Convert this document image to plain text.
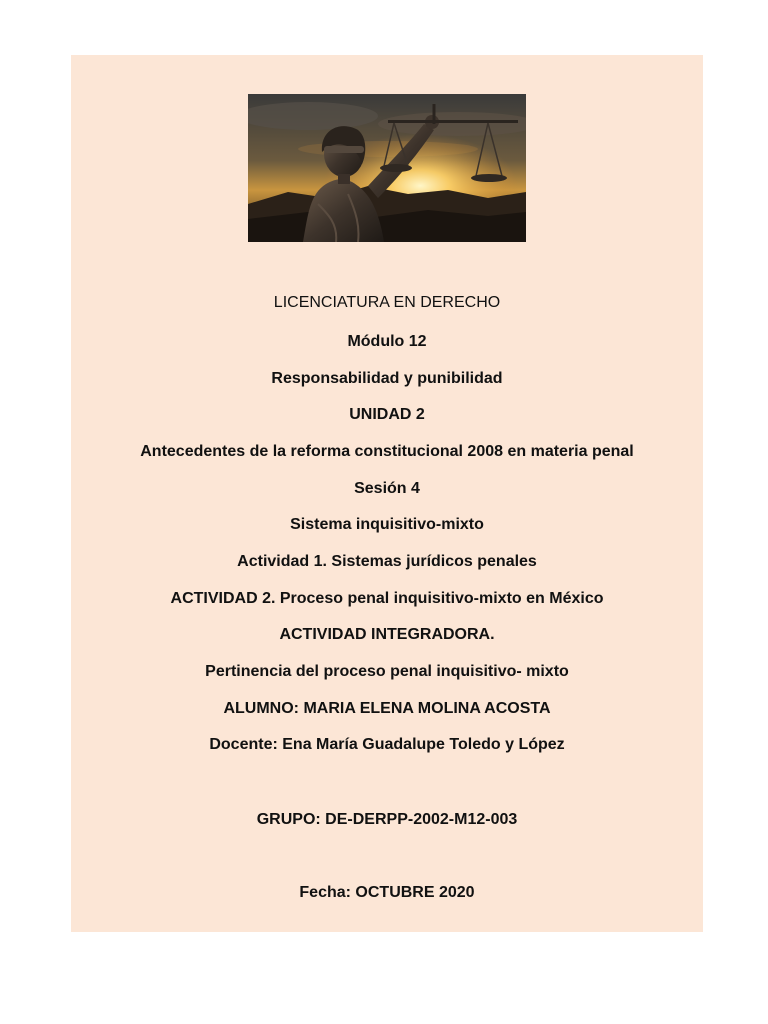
LICENCIATURA EN DERECHO
Módulo 12
Responsabilidad y punibilidad
UNIDAD 2
Antecedentes de la reforma constitucional 2008 en materia penal
Sesión 4
Sistema inquisitivo-mixto
Actividad 1. Sistemas jurídicos penales
ACTIVIDAD 2. Proceso penal inquisitivo-mixto en México
ACTIVIDAD INTEGRADORA.
Pertinencia del proceso penal inquisitivo- mixto
ALUMNO: MARIA ELENA MOLINA ACOSTA
Docente: Ena María Guadalupe Toledo y López
GRUPO: DE-DERPP-2002-M12-003
Fecha: OCTUBRE 2020
